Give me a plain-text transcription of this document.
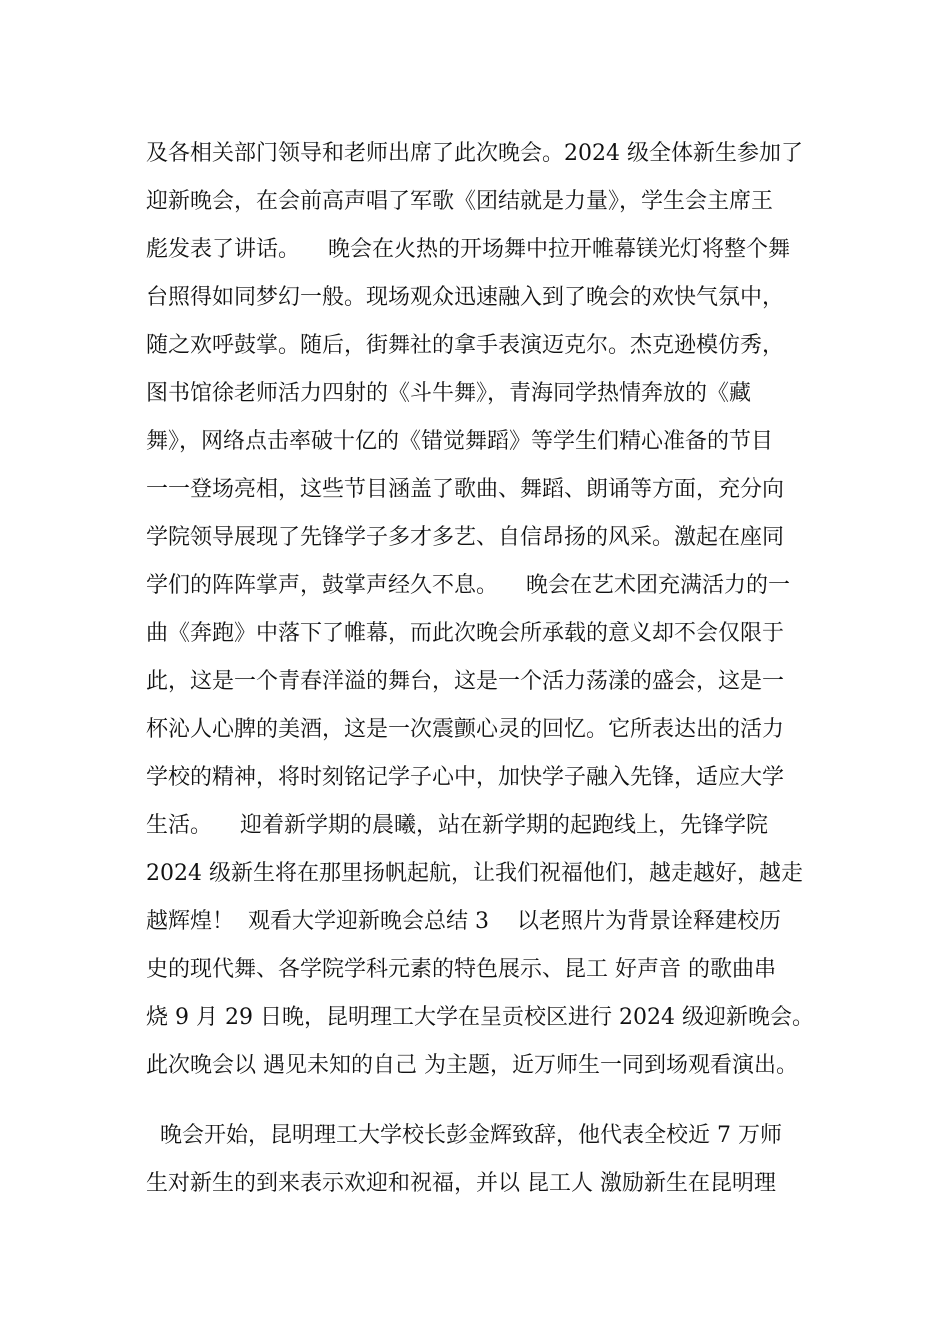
及各相关部门领导和老师出席了此次晚会。2024 级全体新生参加了
迎新晚会，在会前高声唱了军歌《团结就是力量》，学生会主席王
彪发表了讲话。    晚会在火热的开场舞中拉开帷幕镁光灯将整个舞
台照得如同梦幻一般。现场观众迅速融入到了晚会的欢快气氛中，
随之欢呼鼓掌。随后，街舞社的拿手表演迈克尔。杰克逊模仿秀，
图书馆徐老师活力四射的《斗牛舞》，青海同学热情奔放的《藏
舞》，网络点击率破十亿的《错觉舞蹈》等学生们精心准备的节目
一一登场亮相，这些节目涵盖了歌曲、舞蹈、朗诵等方面，充分向
学院领导展现了先锋学子多才多艺、自信昂扬的风采。激起在座同
学们的阵阵掌声，鼓掌声经久不息。    晚会在艺术团充满活力的一
曲《奔跑》中落下了帷幕，而此次晚会所承载的意义却不会仅限于
此，这是一个青春洋溢的舞台，这是一个活力荡漾的盛会，这是一
杯沁人心脾的美酒，这是一次震颤心灵的回忆。它所表达出的活力
学校的精神，将时刻铭记学子心中，加快学子融入先锋，适应大学
生活。    迎着新学期的晨曦，站在新学期的起跑线上，先锋学院
2024 级新生将在那里扬帆起航，让我们祝福他们，越走越好，越走
越辉煌！  观看大学迎新晚会总结 3    以老照片为背景诠释建校历
史的现代舞、各学院学科元素的特色展示、昆工 好声音 的歌曲串
烧 9 月 29 日晚，昆明理工大学在呈贡校区进行 2024 级迎新晚会。
此次晚会以 遇见未知的自己 为主题，近万师生一同到场观看演出。
晚会开始，昆明理工大学校长彭金辉致辞，他代表全校近 7 万师
生对新生的到来表示欢迎和祝福，并以 昆工人 激励新生在昆明理
